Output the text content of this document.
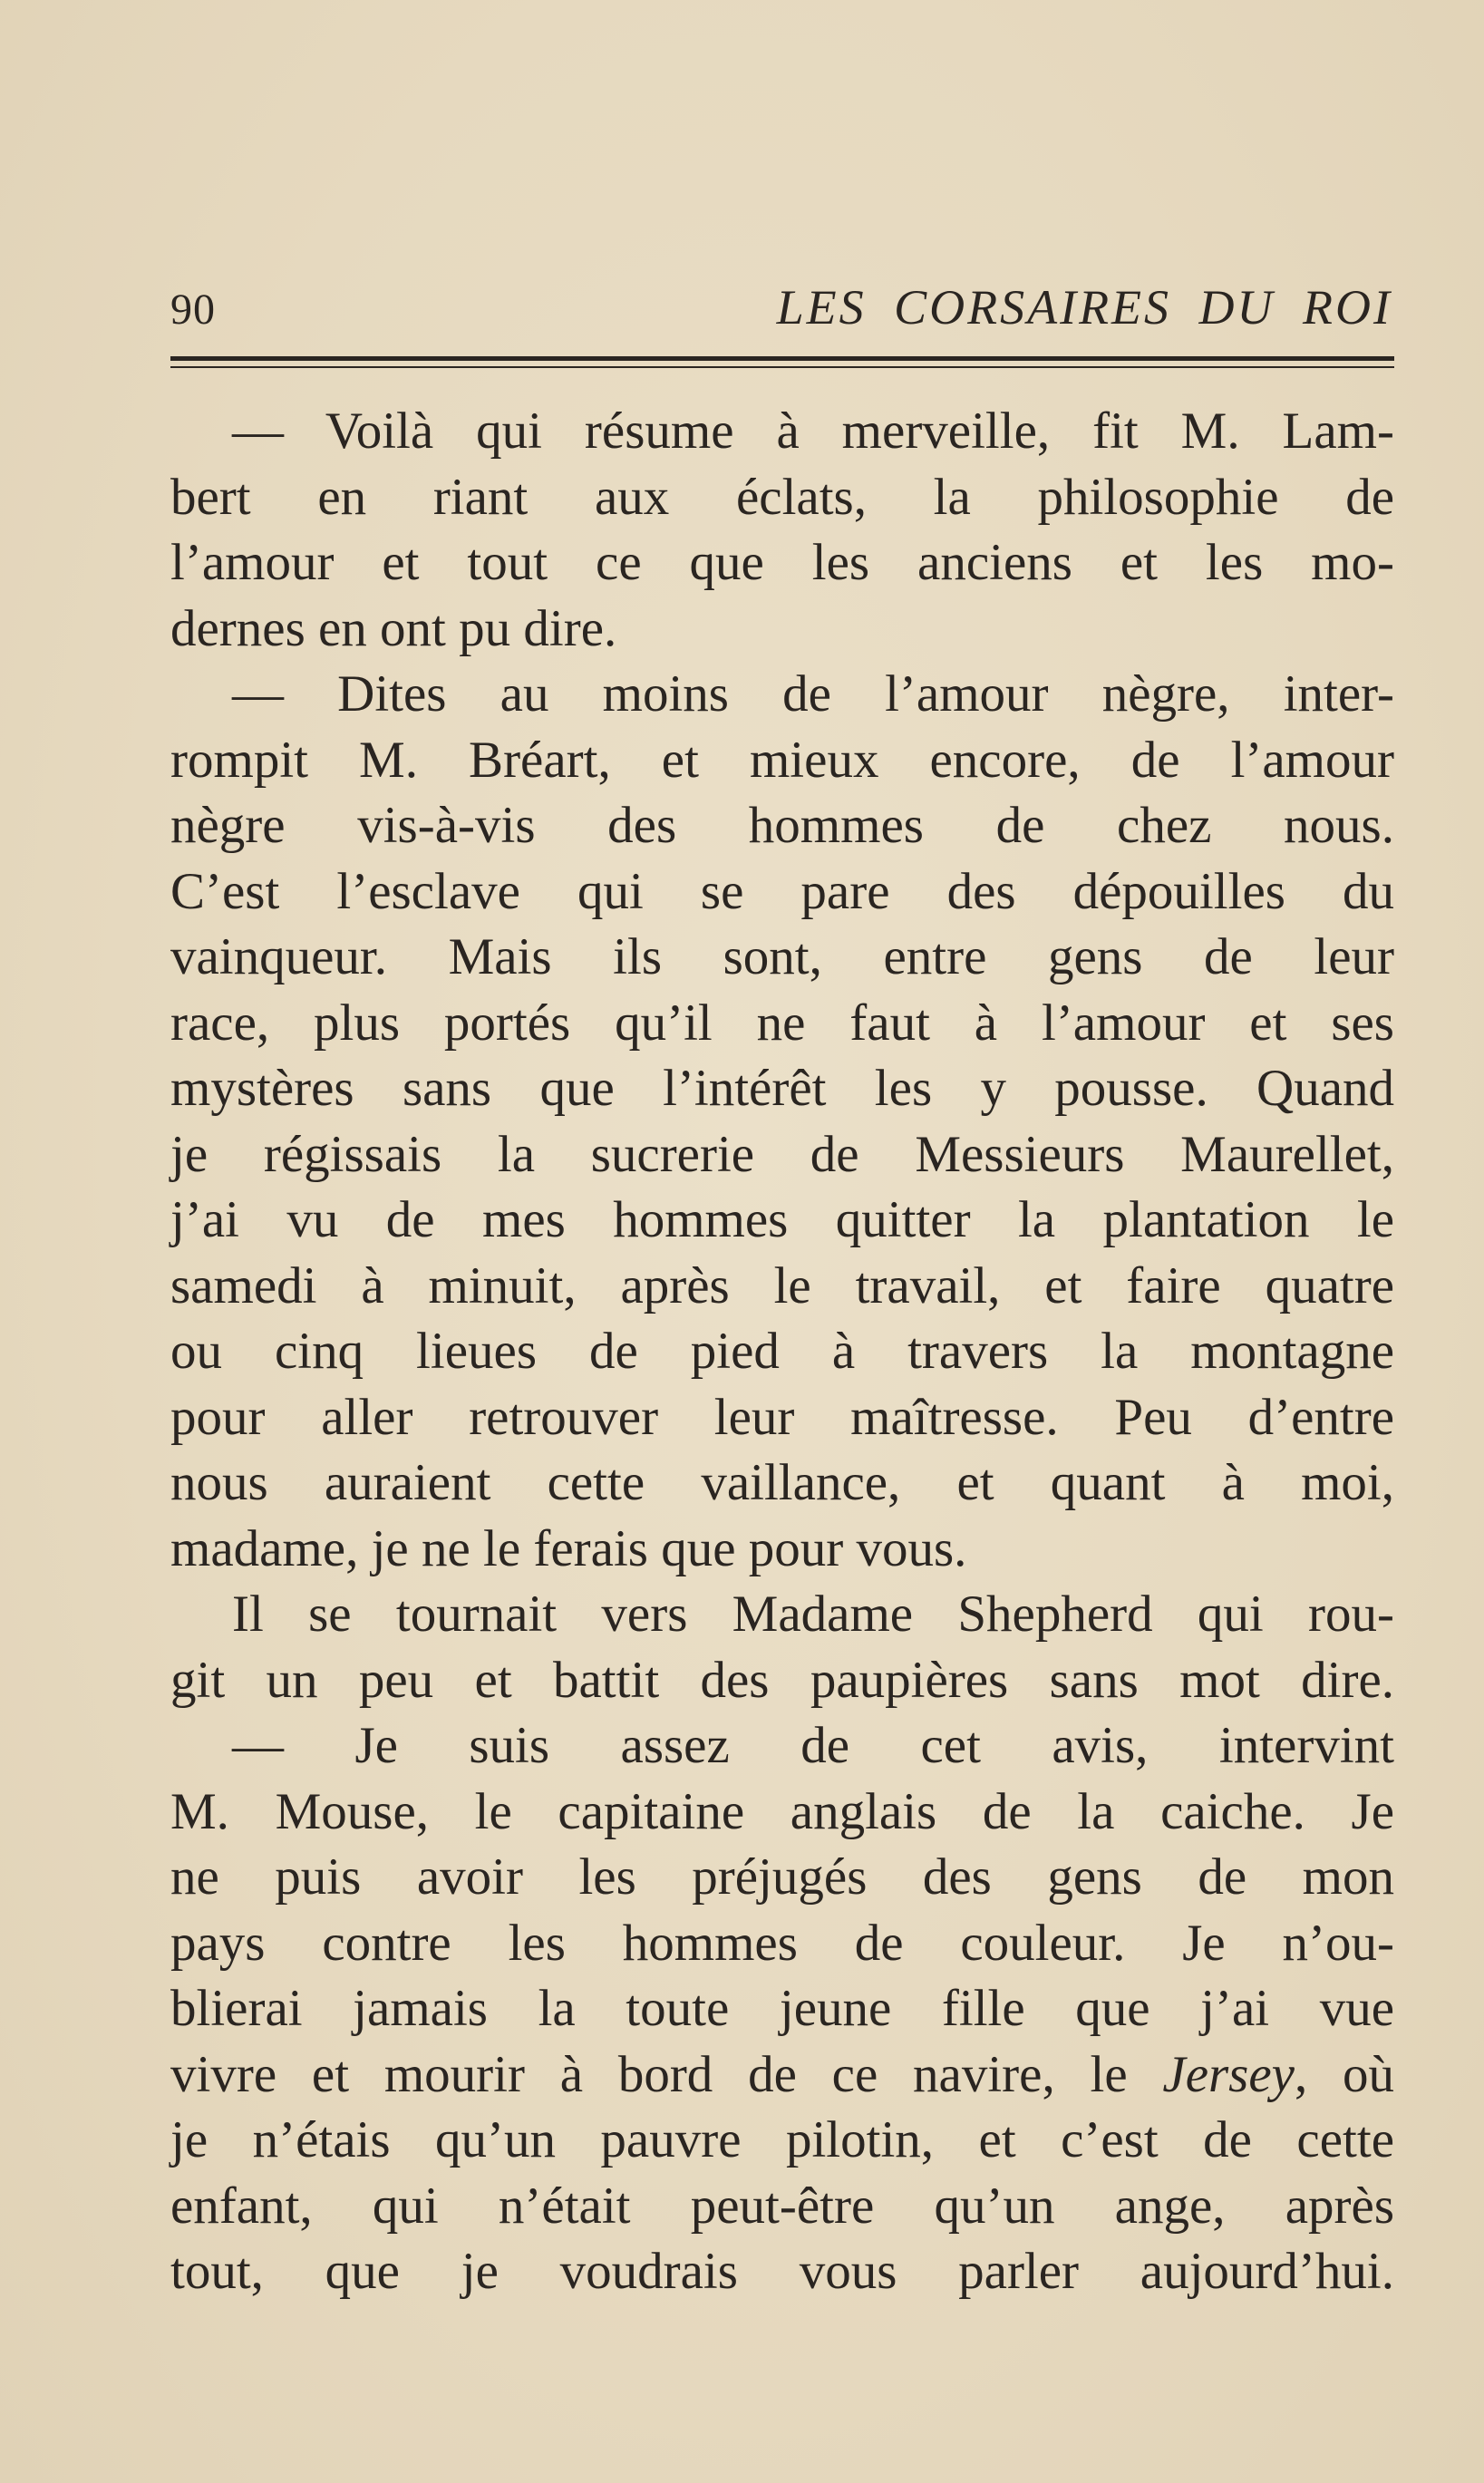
90	LES CORSAIRES DU ROI
— Voilà qui résume à merveille, fit M. Lam-
bert en riant aux éclats, la philosophie de
l’amour et tout ce que les anciens et les mo-
dernes en ont pu dire.
— Dites au moins de l’amour nègre, inter-
rompit M. Bréart, et mieux encore, de l’amour
nègre vis-à-vis des hommes de chez nous.
C’est l’esclave qui se pare des dépouilles du
vainqueur. Mais ils sont, entre gens de leur
race, plus portés qu’il ne faut à l’amour et ses
mystères sans que l’intérêt les y pousse. Quand
je régissais la sucrerie de Messieurs Maurellet,
j’ai vu de mes hommes quitter la plantation le
samedi à minuit, après le travail, et faire quatre
ou cinq lieues de pied à travers la montagne
pour aller retrouver leur maîtresse. Peu d’entre
nous auraient cette vaillance, et quant à moi,
madame, je ne le ferais que pour vous.
Il se tournait vers Madame Shepherd qui rou-
git un peu et battit des paupières sans mot dire.
— Je suis assez de cet avis, intervint
M. Mouse, le capitaine anglais de la caiche. Je
ne puis avoir les préjugés des gens de mon
pays contre les hommes de couleur. Je n’ou-
blierai jamais la toute jeune fille que j’ai vue
vivre et mourir à bord de ce navire, le Jersey, où
je n’étais qu’un pauvre pilotin, et c’est de cette
enfant, qui n’était peut-être qu’un ange, après
tout, que je voudrais vous parler aujourd’hui.
